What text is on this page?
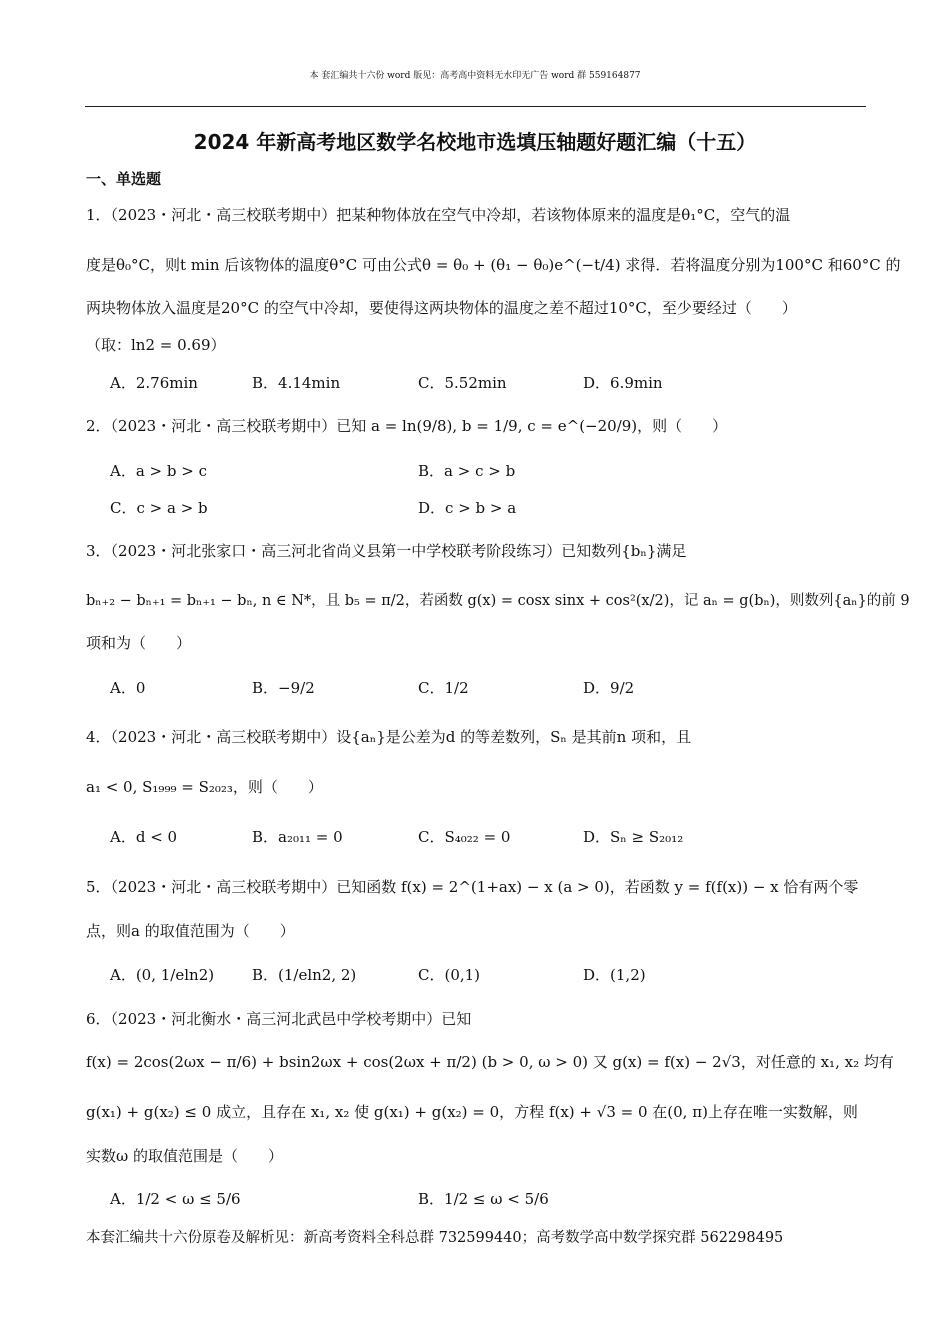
本 套汇编共十六份 word 版见：高考高中资料无水印无广告 word 群 559164877
2024 年新高考地区数学名校地市选填压轴题好题汇编（十五）
一、单选题
1．（2023・河北・高三校联考期中）把某种物体放在空气中冷却，若该物体原来的温度是θ₁°C，空气的温
度是θ₀°C，则t min 后该物体的温度θ°C 可由公式θ = θ₀ + (θ₁ − θ₀)e^(−t/4) 求得．若将温度分别为100°C 和60°C 的
两块物体放入温度是20°C 的空气中冷却，要使得这两块物体的温度之差不超过10°C，至少要经过（　　）
（取：ln2 = 0.69）
A．2.76min	B．4.14min	C．5.52min	D．6.9min
2．（2023・河北・高三校联考期中）已知 a = ln(9/8), b = 1/9, c = e^(−20/9)，则（　　）
A．a > b > c	B．a > c > b
C．c > a > b	D．c > b > a
3．（2023・河北张家口・高三河北省尚义县第一中学校联考阶段练习）已知数列{bₙ}满足
bₙ₊₂ − bₙ₊₁ = bₙ₊₁ − bₙ, n ∈ N*，且 b₅ = π/2，若函数 g(x) = cosx sinx + cos²(x/2)，记 aₙ = g(bₙ)，则数列{aₙ}的前 9
项和为（　　）
A．0	B．−9/2	C．1/2	D．9/2
4．（2023・河北・高三校联考期中）设{aₙ}是公差为d 的等差数列，Sₙ 是其前n 项和，且
a₁ < 0, S₁₉₉₉ = S₂₀₂₃，则（　　）
A．d < 0	B．a₂₀₁₁ = 0	C．S₄₀₂₂ = 0	D．Sₙ ≥ S₂₀₁₂
5．（2023・河北・高三校联考期中）已知函数 f(x) = 2^(1+ax) − x (a > 0)，若函数 y = f(f(x)) − x 恰有两个零
点，则a 的取值范围为（　　）
A．(0, 1/eln2)	B．(1/eln2, 2)	C．(0,1)	D．(1,2)
6．（2023・河北衡水・高三河北武邑中学校考期中）已知
f(x) = 2cos(2ωx − π/6) + bsin2ωx + cos(2ωx + π/2) (b > 0, ω > 0) 又 g(x) = f(x) − 2√3，对任意的 x₁, x₂ 均有
g(x₁) + g(x₂) ≤ 0 成立，且存在 x₁, x₂ 使 g(x₁) + g(x₂) = 0，方程 f(x) + √3 = 0 在(0, π)上存在唯一实数解，则
实数ω 的取值范围是（　　）
A．1/2 < ω ≤ 5/6	B．1/2 ≤ ω < 5/6
本套汇编共十六份原卷及解析见：新高考资料全科总群 732599440；高考数学高中数学探究群 562298495
